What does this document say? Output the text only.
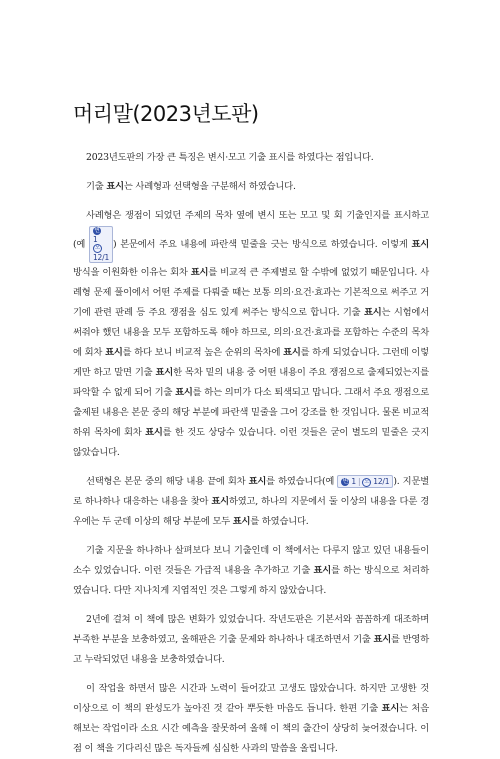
머리말(2023년도판)

2023년도판의 가장 큰 특징은 변시·모고 기출 표시를 하였다는 점입니다.

기출 표시는 사례형과 선택형을 구분해서 하였습니다.

사례형은 쟁점이 되었던 주제의 목차 옆에 변시 또는 모고 및 회 기출인지를 표시하고 (예
변
1
모
12/1
) 본문에서 주요 내용에 파란색 밑줄을 긋는 방식으로 하였습니다. 이렇게 표시 방식을 이원화한 이유는 회차 표시를 비교적 큰 주제별로 할 수밖에 없었기 때문입니다. 사례형 문제 풀이에서 어떤 주제를 다뤄줄 때는 보통 의의·요건·효과는 기본적으로 써주고 거기에 관련 판례 등 주요 쟁점을 심도 있게 써주는 방식으로 합니다. 기출 표시는 시험에서 써줘야 했던 내용을 모두 포함하도록 해야 하므로, 의의·요건·효과를 포함하는 수준의 목차에 회차 표시를 하다 보니 비교적 높은 순위의 목차에 표시를 하게 되었습니다. 그런데 이렇게만 하고 말면 기출 표시한 목차 밑의 내용 중 어떤 내용이 주요 쟁점으로 출제되었는지를 파악할 수 없게 되어 기출 표시를 하는 의미가 다소 퇴색되고 맙니다. 그래서 주요 쟁점으로 출제된 내용은 본문 중의 해당 부분에 파란색 밑줄을 그어 강조를 한 것입니다. 물론 비교적 하위 목차에 회차 표시를 한 것도 상당수 있습니다. 이런 것들은 굳이 별도의 밑줄은 긋지 않았습니다.

선택형은 본문 중의 해당 내용 끝에 회차 표시를 하였습니다(예 변 1 | 모 12/1 ). 지문별로 하나하나 대응하는 내용을 찾아 표시하였고, 하나의 지문에서 둘 이상의 내용을 다룬 경우에는 두 군데 이상의 해당 부분에 모두 표시를 하였습니다.

기출 지문을 하나하나 살펴보다 보니 기출인데 이 책에서는 다루지 않고 있던 내용들이 소수 있었습니다. 이런 것들은 가급적 내용을 추가하고 기출 표시를 하는 방식으로 처리하였습니다. 다만 지나치게 지엽적인 것은 그렇게 하지 않았습니다.

2년에 걸쳐 이 책에 많은 변화가 있었습니다. 작년도판은 기본서와 꼼꼼하게 대조하며 부족한 부분을 보충하였고, 올해판은 기출 문제와 하나하나 대조하면서 기출 표시를 반영하고 누락되었던 내용을 보충하였습니다.

이 작업을 하면서 많은 시간과 노력이 들어갔고 고생도 많았습니다. 하지만 고생한 것 이상으로 이 책의 완성도가 높아진 것 같아 뿌듯한 마음도 듭니다. 한편 기출 표시는 처음 해보는 작업이라 소요 시간 예측을 잘못하여 올해 이 책의 출간이 상당히 늦어졌습니다. 이 점 이 책을 기다리신 많은 독자들께 심심한 사과의 말씀을 올립니다.
